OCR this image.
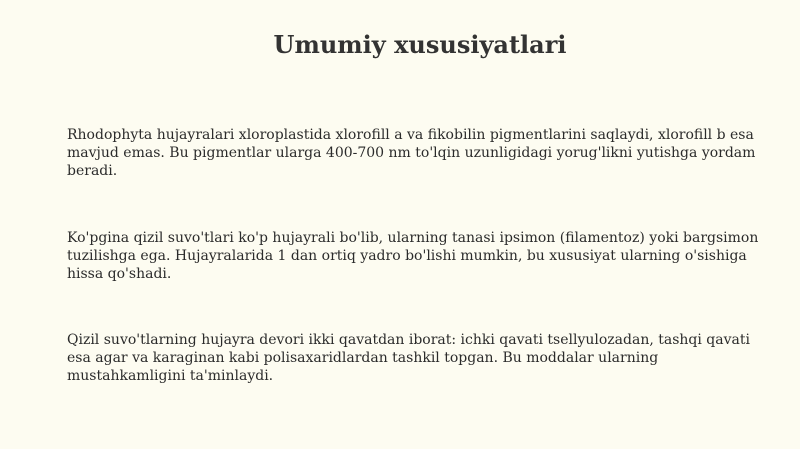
Umumiy xususiyatlari

Rhodophyta hujayralari xloroplastida xlorofill a va fikobilin pigmentlarini saqlaydi, xlorofill b esa mavjud emas. Bu pigmentlar ularga 400-700 nm to'lqin uzunligidagi yorug'likni yutishga yordam beradi.

Ko'pgina qizil suvo'tlari ko'p hujayrali bo'lib, ularning tanasi ipsimon (filamentoz) yoki bargsimon tuzilishga ega. Hujayralarida 1 dan ortiq yadro bo'lishi mumkin, bu xususiyat ularning o'sishiga hissa qo'shadi.

Qizil suvo'tlarning hujayra devori ikki qavatdan iborat: ichki qavati tsellyulozadan, tashqi qavati esa agar va karaginan kabi polisaxaridlardan tashkil topgan. Bu moddalar ularning mustahkamligini ta'minlaydi.
